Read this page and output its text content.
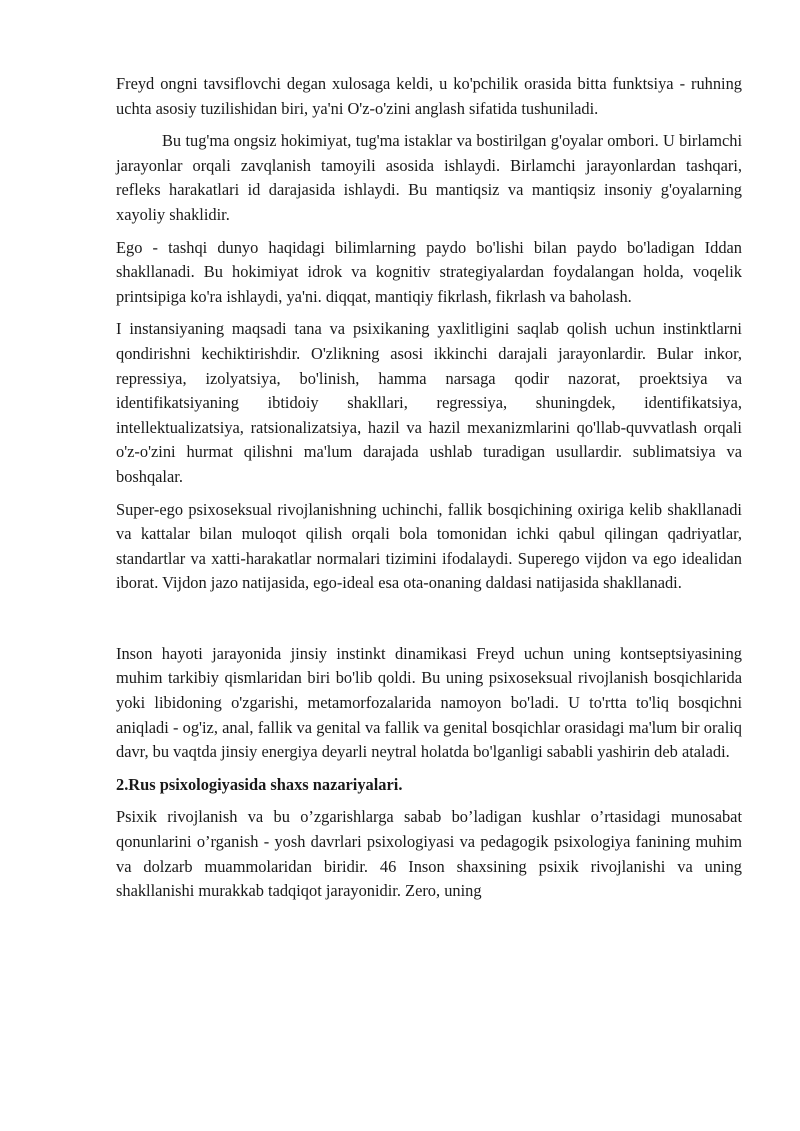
Freyd ongni tavsiflovchi degan xulosaga keldi, u ko'pchilik orasida bitta funktsiya - ruhning uchta asosiy tuzilishidan biri, ya'ni O'z-o'zini anglash sifatida tushuniladi.

Bu tug'ma ongsiz hokimiyat, tug'ma istaklar va bostirilgan g'oyalar ombori. U birlamchi jarayonlar orqali zavqlanish tamoyili asosida ishlaydi. Birlamchi jarayonlardan tashqari, refleks harakatlari id darajasida ishlaydi. Bu mantiqsiz va mantiqsiz insoniy g'oyalarning xayoliy shaklidir.

Ego - tashqi dunyo haqidagi bilimlarning paydo bo'lishi bilan paydo bo'ladigan Iddan shakllanadi. Bu hokimiyat idrok va kognitiv strategiyalardan foydalangan holda, voqelik printsipiga ko'ra ishlaydi, ya'ni. diqqat, mantiqiy fikrlash, fikrlash va baholash.

I instansiyaning maqsadi tana va psixikaning yaxlitligini saqlab qolish uchun instinktlarni qondirishni kechiktirishdir. O'zlikning asosi ikkinchi darajali jarayonlardir. Bular inkor, repressiya, izolyatsiya, bo'linish, hamma narsaga qodir nazorat, proektsiya va identifikatsiyaning ibtidoiy shakllari, regressiya, shuningdek, identifikatsiya, intellektualizatsiya, ratsionalizatsiya, hazil va hazil mexanizmlarini qo'llab-quvvatlash orqali o'z-o'zini hurmat qilishni ma'lum darajada ushlab turadigan usullardir. sublimatsiya va boshqalar.

Super-ego psixoseksual rivojlanishning uchinchi, fallik bosqichining oxiriga kelib shakllanadi va kattalar bilan muloqot qilish orqali bola tomonidan ichki qabul qilingan qadriyatlar, standartlar va xatti-harakatlar normalari tizimini ifodalaydi. Superego vijdon va ego idealidan iborat. Vijdon jazo natijasida, ego-ideal esa ota-onaning daldasi natijasida shakllanadi.

Inson hayoti jarayonida jinsiy instinkt dinamikasi Freyd uchun uning kontseptsiyasining muhim tarkibiy qismlaridan biri bo'lib qoldi. Bu uning psixoseksual rivojlanish bosqichlarida yoki libidoning o'zgarishi, metamorfozalarida namoyon bo'ladi. U to'rtta to'liq bosqichni aniqladi - og'iz, anal, fallik va genital va fallik va genital bosqichlar orasidagi ma'lum bir oraliq davr, bu vaqtda jinsiy energiya deyarli neytral holatda bo'lganligi sababli yashirin deb ataladi.

2.Rus psixologiyasida shaxs nazariyalari.

Psixik rivojlanish va bu o’zgarishlarga sabab bo’ladigan kushlar o’rtasidagi munosabat qonunlarini o’rganish - yosh davrlari psixologiyasi va pedagogik psixologiya fanining muhim va dolzarb muammolaridan biridir. 46 Inson shaxsining psixik rivojlanishi va uning shakllanishi murakkab tadqiqot jarayonidir. Zero, uning
